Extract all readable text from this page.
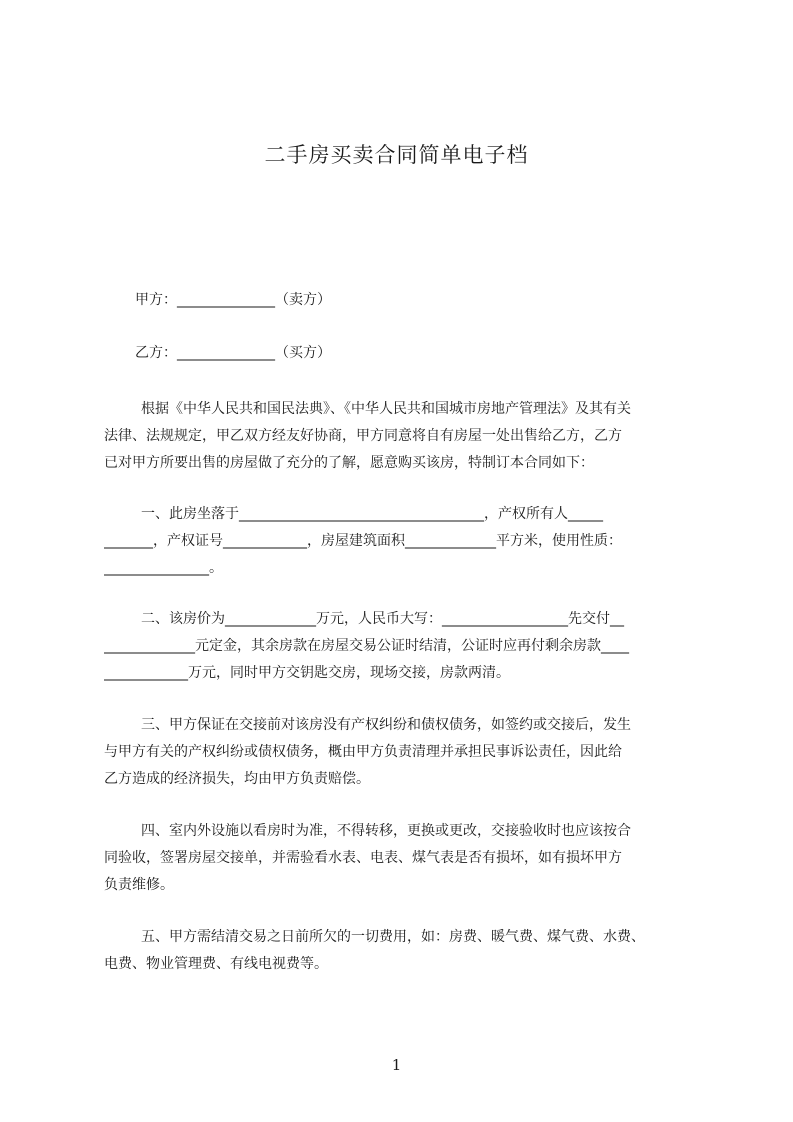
二手房买卖合同简单电子档
甲方：______________（卖方）
乙方：______________（买方）
根据《中华人民共和国民法典》、《中华人民共和国城市房地产管理法》及其有关
法律、法规规定，甲乙双方经友好协商，甲方同意将自有房屋一处出售给乙方，乙方
已对甲方所要出售的房屋做了充分的了解，愿意购买该房，特制订本合同如下：
一、此房坐落于___________________________________，产权所有人_____
_______，产权证号____________，房屋建筑面积_____________平方米，使用性质：
_______________。
二、该房价为_____________万元，人民币大写：__________________先交付__
_____________元定金，其余房款在房屋交易公证时结清，公证时应再付剩余房款____
____________万元，同时甲方交钥匙交房，现场交接，房款两清。
三、甲方保证在交接前对该房没有产权纠纷和债权债务，如签约或交接后，发生
与甲方有关的产权纠纷或债权债务，概由甲方负责清理并承担民事诉讼责任，因此给
乙方造成的经济损失，均由甲方负责赔偿。
四、室内外设施以看房时为准，不得转移，更换或更改，交接验收时也应该按合
同验收，签署房屋交接单，并需验看水表、电表、煤气表是否有损坏，如有损坏甲方
负责维修。
五、甲方需结清交易之日前所欠的一切费用，如：房费、暖气费、煤气费、水费、
电费、物业管理费、有线电视费等。
1
